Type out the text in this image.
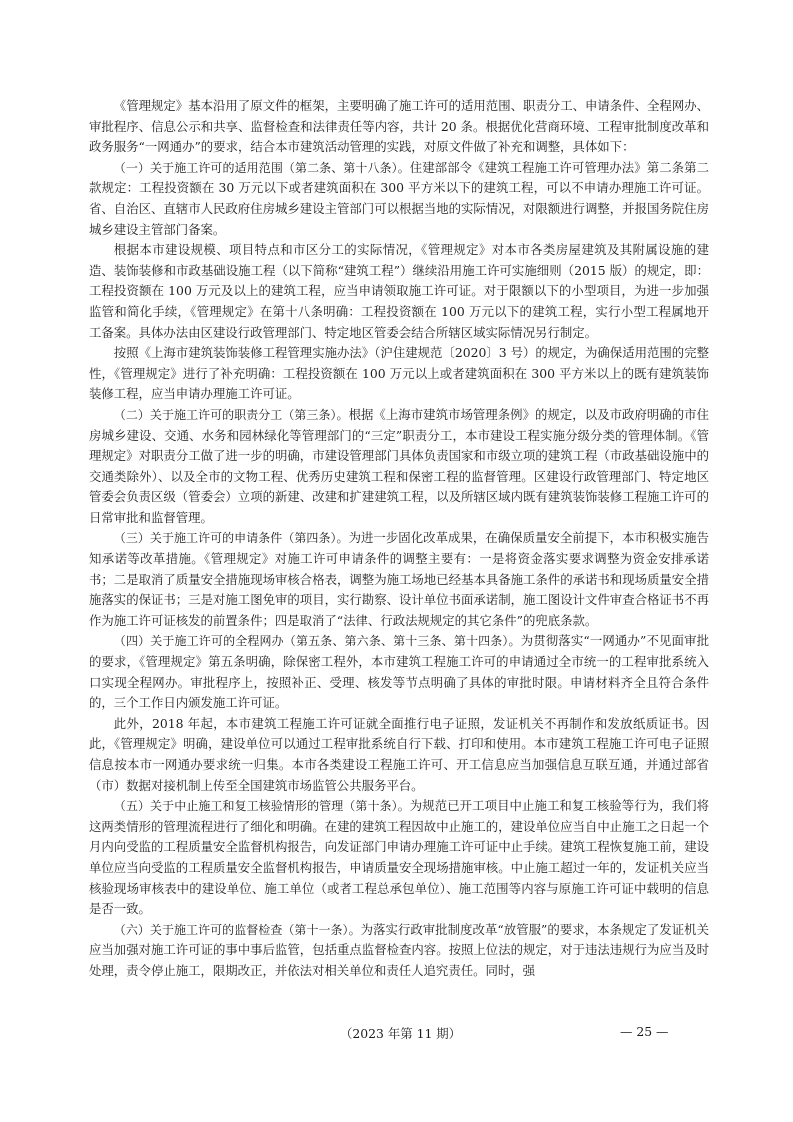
《管理规定》基本沿用了原文件的框架，主要明确了施工许可的适用范围、职责分工、申请条件、全程网办、审批程序、信息公示和共享、监督检查和法律责任等内容，共计 20 条。根据优化营商环境、工程审批制度改革和政务服务“一网通办”的要求，结合本市建筑活动管理的实践，对原文件做了补充和调整，具体如下：

（一）关于施工许可的适用范围（第二条、第十八条）。住建部部令《建筑工程施工许可管理办法》第二条第二款规定：工程投资额在 30 万元以下或者建筑面积在 300 平方米以下的建筑工程，可以不申请办理施工许可证。省、自治区、直辖市人民政府住房城乡建设主管部门可以根据当地的实际情况，对限额进行调整，并报国务院住房城乡建设主管部门备案。

根据本市建设规模、项目特点和市区分工的实际情况，《管理规定》对本市各类房屋建筑及其附属设施的建造、装饰装修和市政基础设施工程（以下简称“建筑工程”）继续沿用施工许可实施细则（2015 版）的规定，即：工程投资额在 100 万元及以上的建筑工程，应当申请领取施工许可证。对于限额以下的小型项目，为进一步加强监管和简化手续，《管理规定》在第十八条明确：工程投资额在 100 万元以下的建筑工程，实行小型工程属地开工备案。具体办法由区建设行政管理部门、特定地区管委会结合所辖区域实际情况另行制定。

按照《上海市建筑装饰装修工程管理实施办法》（沪住建规范〔2020〕3 号）的规定，为确保适用范围的完整性，《管理规定》进行了补充明确：工程投资额在 100 万元以上或者建筑面积在 300 平方米以上的既有建筑装饰装修工程，应当申请办理施工许可证。

（二）关于施工许可的职责分工（第三条）。根据《上海市建筑市场管理条例》的规定，以及市政府明确的市住房城乡建设、交通、水务和园林绿化等管理部门的“三定”职责分工，本市建设工程实施分级分类的管理体制。《管理规定》对职责分工做了进一步的明确，市建设管理部门具体负责国家和市级立项的建筑工程（市政基础设施中的交通类除外）、以及全市的文物工程、优秀历史建筑工程和保密工程的监督管理。区建设行政管理部门、特定地区管委会负责区级（管委会）立项的新建、改建和扩建建筑工程，以及所辖区域内既有建筑装饰装修工程施工许可的日常审批和监督管理。

（三）关于施工许可的申请条件（第四条）。为进一步固化改革成果，在确保质量安全前提下，本市积极实施告知承诺等改革措施。《管理规定》对施工许可申请条件的调整主要有：一是将资金落实要求调整为资金安排承诺书；二是取消了质量安全措施现场审核合格表，调整为施工场地已经基本具备施工条件的承诺书和现场质量安全措施落实的保证书；三是对施工图免审的项目，实行勘察、设计单位书面承诺制，施工图设计文件审查合格证书不再作为施工许可证核发的前置条件；四是取消了“法律、行政法规规定的其它条件”的兜底条款。

（四）关于施工许可的全程网办（第五条、第六条、第十三条、第十四条）。为贯彻落实“一网通办”不见面审批的要求，《管理规定》第五条明确，除保密工程外，本市建筑工程施工许可的申请通过全市统一的工程审批系统入口实现全程网办。审批程序上，按照补正、受理、核发等节点明确了具体的审批时限。申请材料齐全且符合条件的，三个工作日内颁发施工许可证。

此外，2018 年起，本市建筑工程施工许可证就全面推行电子证照，发证机关不再制作和发放纸质证书。因此，《管理规定》明确，建设单位可以通过工程审批系统自行下载、打印和使用。本市建筑工程施工许可电子证照信息按本市一网通办要求统一归集。本市各类建设工程施工许可、开工信息应当加强信息互联互通，并通过部省（市）数据对接机制上传至全国建筑市场监管公共服务平台。

（五）关于中止施工和复工核验情形的管理（第十条）。为规范已开工项目中止施工和复工核验等行为，我们将这两类情形的管理流程进行了细化和明确。在建的建筑工程因故中止施工的，建设单位应当自中止施工之日起一个月内向受监的工程质量安全监督机构报告，向发证部门申请办理施工许可证中止手续。建筑工程恢复施工前，建设单位应当向受监的工程质量安全监督机构报告，申请质量安全现场措施审核。中止施工超过一年的，发证机关应当核验现场审核表中的建设单位、施工单位（或者工程总承包单位）、施工范围等内容与原施工许可证中载明的信息是否一致。

（六）关于施工许可的监督检查（第十一条）。为落实行政审批制度改革“放管服”的要求，本条规定了发证机关应当加强对施工许可证的事中事后监管，包括重点监督检查内容。按照上位法的规定，对于违法违规行为应当及时处理，责令停止施工，限期改正，并依法对相关单位和责任人追究责任。同时，强

（2023 年第 11 期）	— 25 —
